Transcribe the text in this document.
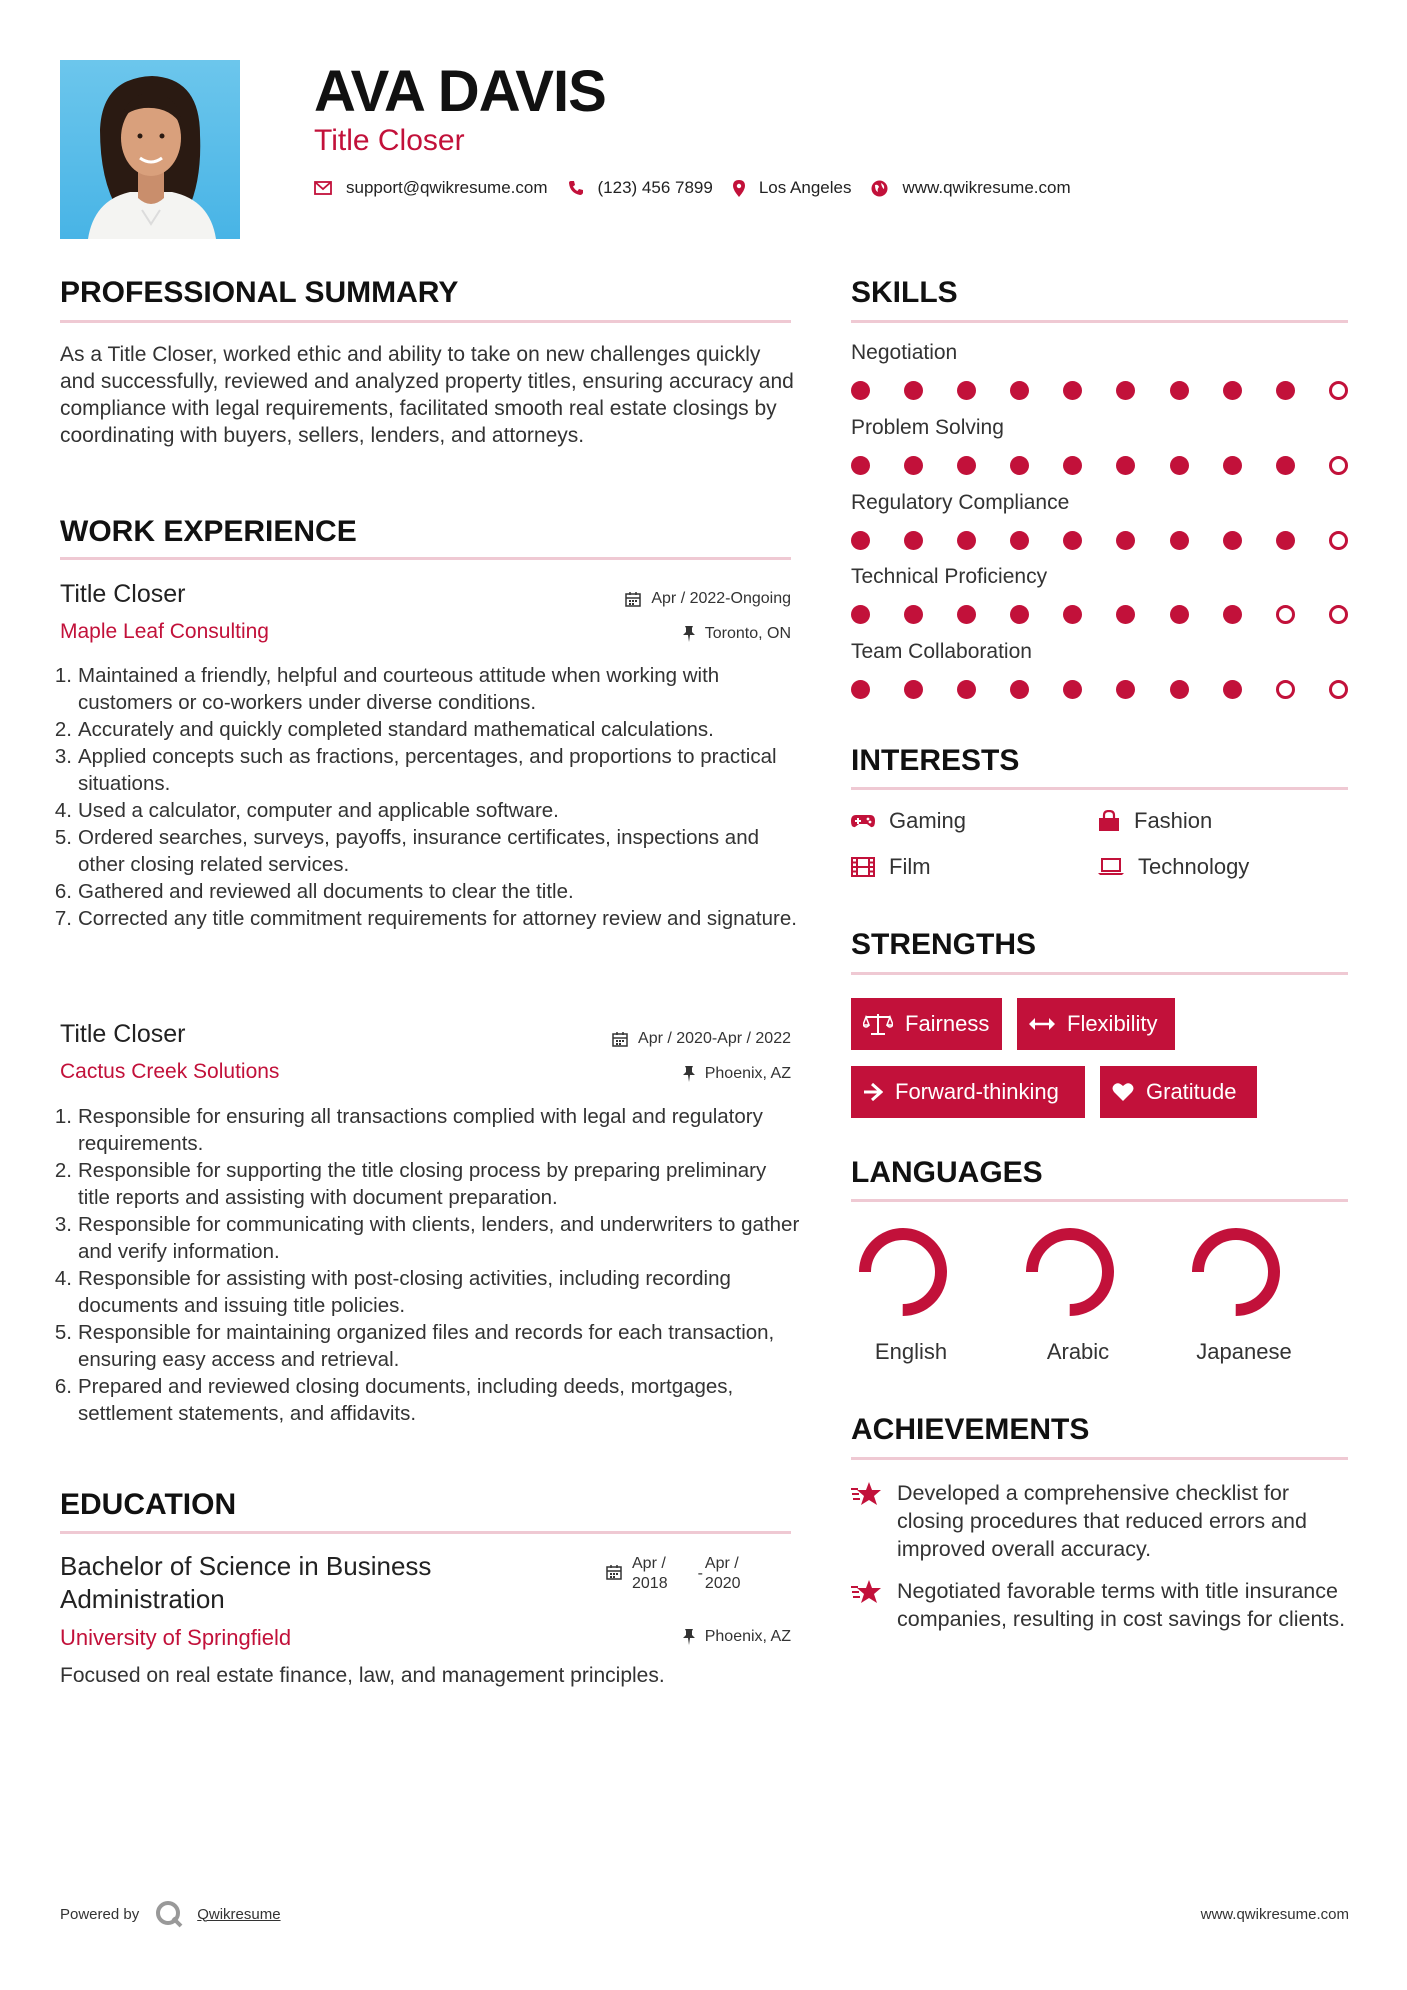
AVA DAVIS
Title Closer
support@qwikresume.com	(123) 456 7899	Los Angeles	www.qwikresume.com
PROFESSIONAL SUMMARY
As a Title Closer, worked ethic and ability to take on new challenges quickly and successfully, reviewed and analyzed property titles, ensuring accuracy and compliance with legal requirements, facilitated smooth real estate closings by coordinating with buyers, sellers, lenders, and attorneys.
WORK EXPERIENCE
Title Closer	Apr / 2022-Ongoing
Maple Leaf Consulting	Toronto, ON
1. Maintained a friendly, helpful and courteous attitude when working with customers or co-workers under diverse conditions.
2. Accurately and quickly completed standard mathematical calculations.
3. Applied concepts such as fractions, percentages, and proportions to practical situations.
4. Used a calculator, computer and applicable software.
5. Ordered searches, surveys, payoffs, insurance certificates, inspections and other closing related services.
6. Gathered and reviewed all documents to clear the title.
7. Corrected any title commitment requirements for attorney review and signature.
Title Closer	Apr / 2020-Apr / 2022
Cactus Creek Solutions	Phoenix, AZ
1. Responsible for ensuring all transactions complied with legal and regulatory requirements.
2. Responsible for supporting the title closing process by preparing preliminary title reports and assisting with document preparation.
3. Responsible for communicating with clients, lenders, and underwriters to gather and verify information.
4. Responsible for assisting with post-closing activities, including recording documents and issuing title policies.
5. Responsible for maintaining organized files and records for each transaction, ensuring easy access and retrieval.
6. Prepared and reviewed closing documents, including deeds, mortgages, settlement statements, and affidavits.
EDUCATION
Bachelor of Science in Business Administration
Apr /
2018
-
Apr /
2020
University of Springfield	Phoenix, AZ
Focused on real estate finance, law, and management principles.
SKILLS
Negotiation
Problem Solving
Regulatory Compliance
Technical Proficiency
Team Collaboration
INTERESTS
Gaming	Fashion
Film	Technology
STRENGTHS
Fairness	Flexibility
Forward-thinking	Gratitude
LANGUAGES
English	Arabic	Japanese
ACHIEVEMENTS
Developed a comprehensive checklist for closing procedures that reduced errors and improved overall accuracy.
Negotiated favorable terms with title insurance companies, resulting in cost savings for clients.
Powered by	Qwikresume	www.qwikresume.com
